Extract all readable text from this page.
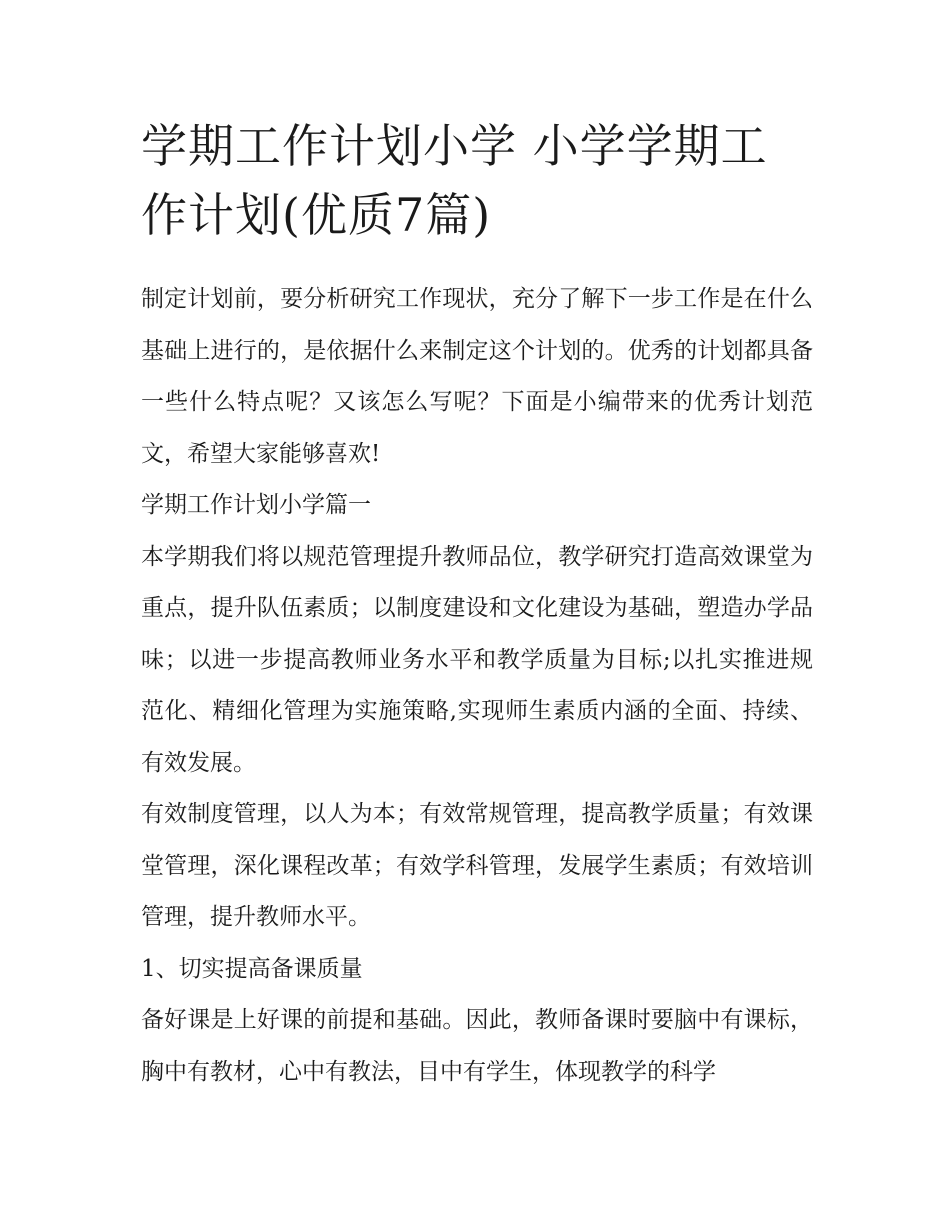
学期工作计划小学 小学学期工作计划(优质7篇)

制定计划前，要分析研究工作现状，充分了解下一步工作是在什么基础上进行的，是依据什么来制定这个计划的。优秀的计划都具备一些什么特点呢？又该怎么写呢？下面是小编带来的优秀计划范文，希望大家能够喜欢!

学期工作计划小学篇一

本学期我们将以规范管理提升教师品位，教学研究打造高效课堂为重点，提升队伍素质；以制度建设和文化建设为基础，塑造办学品味；以进一步提高教师业务水平和教学质量为目标;以扎实推进规范化、精细化管理为实施策略,实现师生素质内涵的全面、持续、有效发展。

有效制度管理，以人为本；有效常规管理，提高教学质量；有效课堂管理，深化课程改革；有效学科管理，发展学生素质；有效培训管理，提升教师水平。

1、切实提高备课质量

备好课是上好课的前提和基础。因此，教师备课时要脑中有课标，胸中有教材，心中有教法，目中有学生，体现教学的科学
